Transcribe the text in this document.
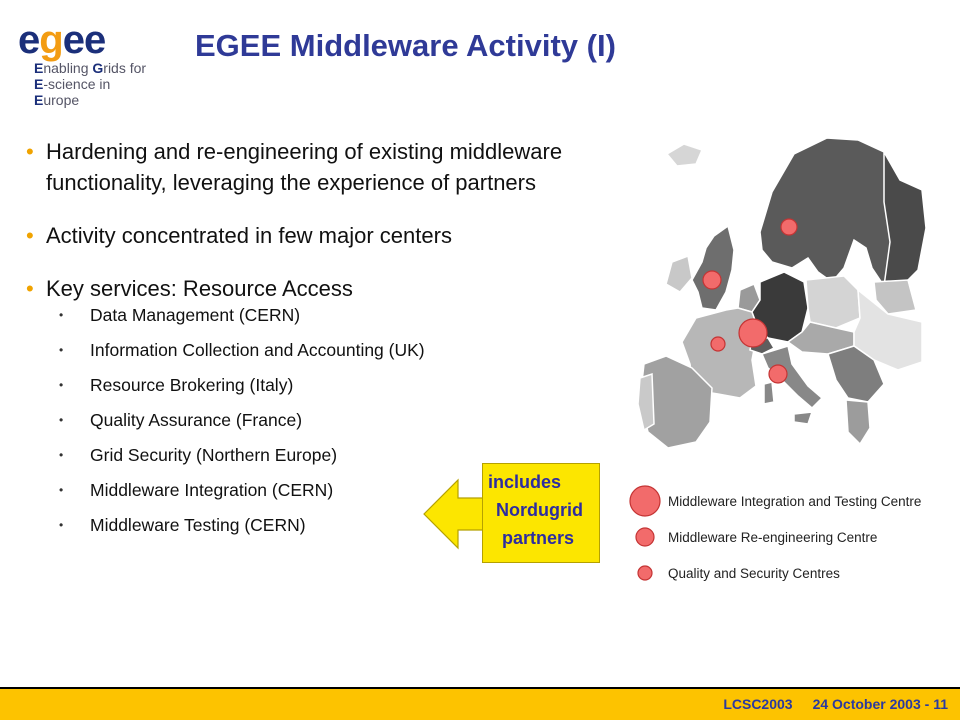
egee
Enabling Grids for
E-science in Europe
EGEE Middleware Activity (I)
• Hardening and re-engineering of existing middleware functionality, leveraging the experience of partners
• Activity concentrated in few major centers
• Key services: Resource Access
• Data Management (CERN)
• Information Collection and Accounting (UK)
• Resource Brokering (Italy)
• Quality Assurance (France)
• Grid Security (Northern Europe)
• Middleware Integration (CERN)
• Middleware Testing (CERN)
includes
Nordugrid
partners
Middleware Integration and Testing Centre
Middleware Re-engineering Centre
Quality and Security Centres
LCSC2003 24 October 2003 - 11
